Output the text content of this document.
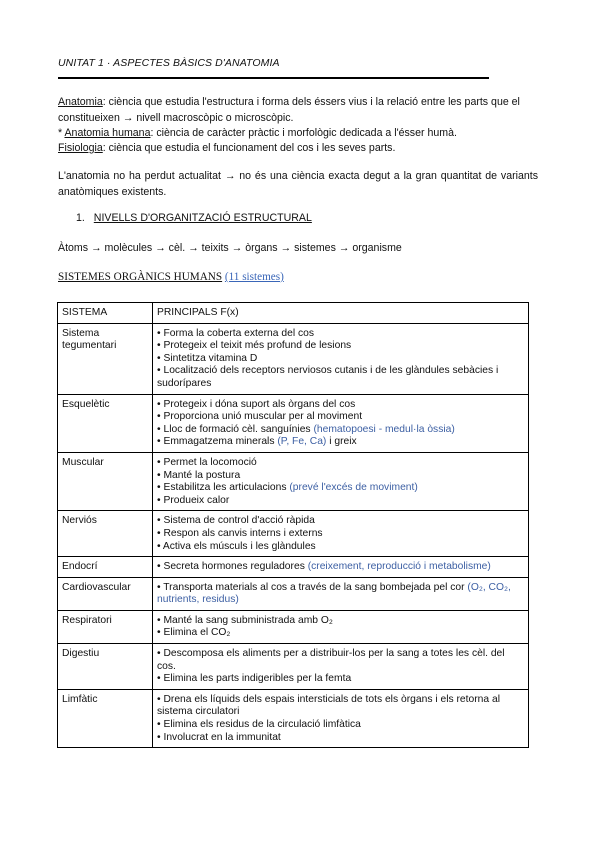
UNITAT 1 · ASPECTES BÀSICS D'ANATOMIA
Anatomia: ciència que estudia l'estructura i forma dels éssers vius i la relació entre les parts que el constitueixen → nivell macroscòpic o microscòpic.
* Anatomia humana: ciència de caràcter pràctic i morfològic dedicada a l'ésser humà.
Fisiologia: ciència que estudia el funcionament del cos i les seves parts.
L'anatomia no ha perdut actualitat → no és una ciència exacta degut a la gran quantitat de variants anatòmiques existents.
1. NIVELLS D'ORGANITZACIÓ ESTRUCTURAL
Àtoms → molècules → cèl. → teixits → òrgans → sistemes → organisme
SISTEMES ORGÀNICS HUMANS (11 sistemes)
SISTEMA	PRINCIPALS F(x)
Sistema tegumentari	• Forma la coberta externa del cos
• Protegeix el teixit més profund de lesions
• Sintetitza vitamina D
• Localització dels receptors nerviosos cutanis i de les glàndules sebàcies i sudorípares

Esquelètic	• Protegeix i dóna suport als òrgans del cos
• Proporciona unió muscular per al moviment
• Lloc de formació cèl. sanguínies (hematopoesi - medul·la òssia)
• Emmagatzema minerals (P, Fe, Ca) i greix

Muscular	• Permet la locomoció
• Manté la postura
• Estabilitza les articulacions (prevé l'excés de moviment)
• Produeix calor

Nerviós	• Sistema de control d'acció ràpida
• Respon als canvis interns i externs
• Activa els músculs i les glàndules

Endocrí	• Secreta hormones reguladores (creixement, reproducció i metabolisme)

Cardiovascular	• Transporta materials al cos a través de la sang bombejada pel cor (O₂, CO₂, nutrients, residus)

Respiratori	• Manté la sang subministrada amb O₂
• Elimina el CO₂

Digestiu	• Descomposa els aliments per a distribuir-los per la sang a totes les cèl. del cos.
• Elimina les parts indigeribles per la femta

Limfàtic	• Drena els líquids dels espais intersticials de tots els òrgans i els retorna al sistema circulatori
• Elimina els residus de la circulació limfàtica
• Involucrat en la immunitat
